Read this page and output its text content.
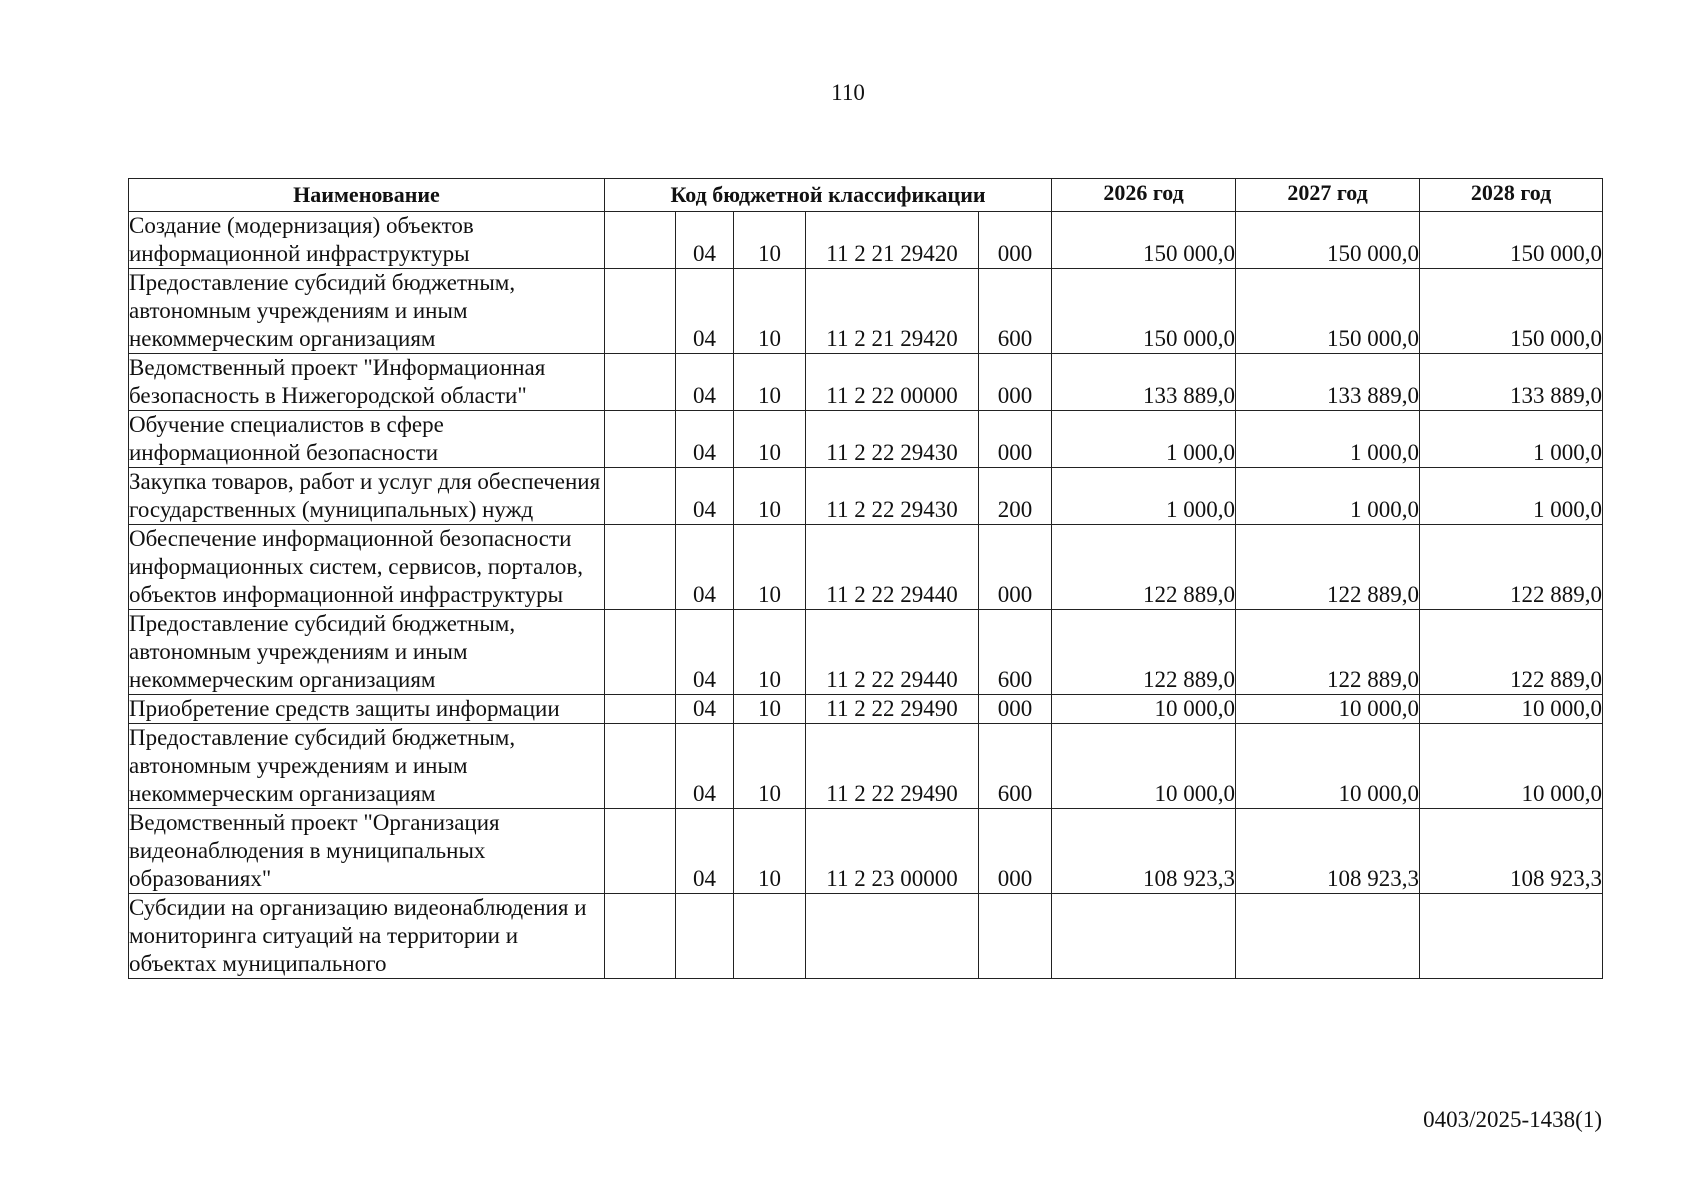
110
Наименование	Код бюджетной классификации					2026 год	2027 год	2028 год
Создание (модернизация) объектов информационной инфраструктуры		04	10	11 2 21 29420	000	150 000,0	150 000,0	150 000,0
Предоставление субсидий бюджетным, автономным учреждениям и иным некоммерческим организациям		04	10	11 2 21 29420	600	150 000,0	150 000,0	150 000,0
Ведомственный проект "Информационная безопасность в Нижегородской области"		04	10	11 2 22 00000	000	133 889,0	133 889,0	133 889,0
Обучение специалистов в сфере информационной безопасности		04	10	11 2 22 29430	000	1 000,0	1 000,0	1 000,0
Закупка товаров, работ и услуг для обеспечения государственных (муниципальных) нужд		04	10	11 2 22 29430	200	1 000,0	1 000,0	1 000,0
Обеспечение информационной безопасности информационных систем, сервисов, порталов, объектов информационной инфраструктуры		04	10	11 2 22 29440	000	122 889,0	122 889,0	122 889,0
Предоставление субсидий бюджетным, автономным учреждениям и иным некоммерческим организациям		04	10	11 2 22 29440	600	122 889,0	122 889,0	122 889,0
Приобретение средств защиты информации		04	10	11 2 22 29490	000	10 000,0	10 000,0	10 000,0
Предоставление субсидий бюджетным, автономным учреждениям и иным некоммерческим организациям		04	10	11 2 22 29490	600	10 000,0	10 000,0	10 000,0
Ведомственный проект "Организация видеонаблюдения в муниципальных образованиях"		04	10	11 2 23 00000	000	108 923,3	108 923,3	108 923,3
Субсидии на организацию видеонаблюдения и мониторинга ситуаций на территории и объектах муниципального								
0403/2025-1438(1)
